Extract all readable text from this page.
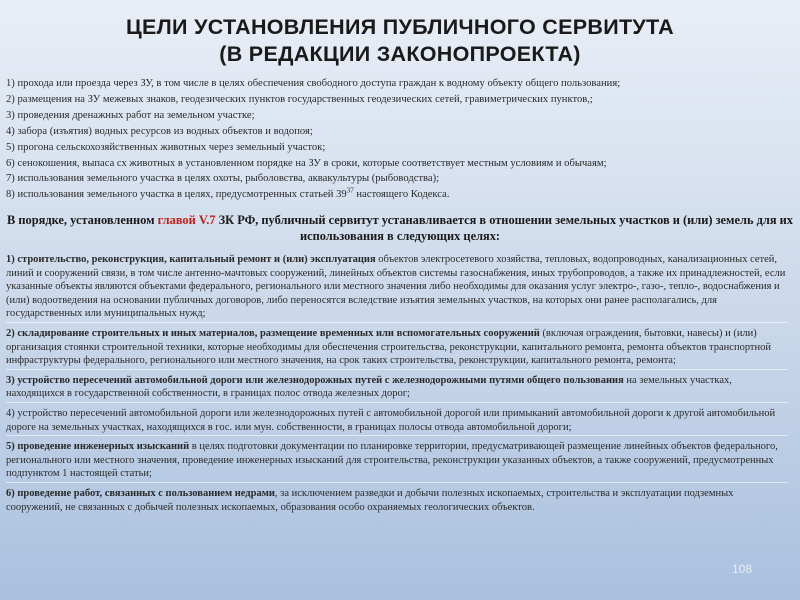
ЦЕЛИ УСТАНОВЛЕНИЯ ПУБЛИЧНОГО СЕРВИТУТА
(В РЕДАКЦИИ ЗАКОНОПРОЕКТА)
1) прохода или проезда через ЗУ, в том числе в целях обеспечения свободного доступа граждан к водному объекту общего пользования;
2) размещения на ЗУ межевых знаков, геодезических пунктов государственных геодезических сетей, гравиметрических пунктов,;
3) проведения дренажных работ на земельном участке;
4) забора (изъятия) водных ресурсов из водных объектов и водопоя;
5) прогона сельскохозяйственных животных через земельный участок;
6) сенокошения, выпаса сх животных в установленном порядке на ЗУ в сроки, которые соответствует местным условиям и обычаям;
7) использования земельного участка в целях охоты, рыболовства, аквакультуры (рыбоводства);
8) использования земельного участка в целях, предусмотренных статьей $39^{37}$ настоящего Кодекса.
В порядке, установленном главой V.7 ЗК РФ, публичный сервитут устанавливается в отношении земельных участков и (или) земель для их использования в следующих целях:
1) строительство, реконструкция, капитальный ремонт и (или) эксплуатация объектов электросетевого хозяйства, тепловых, водопроводных, канализационных сетей, линий и сооружений связи, в том числе антенно-мачтовых сооружений, линейных объектов системы газоснабжения, иных трубопроводов, а также их принадлежностей, если указанные объекты являются объектами федерального, регионального или местного значения либо необходимы для оказания услуг электро-, газо-, тепло-, водоснабжения и (или) водоотведения на основании публичных договоров, либо переносятся вследствие изъятия земельных участков, на которых они ранее располагались, для государственных или муниципальных нужд;
2) складирование строительных и иных материалов, размещение временных или вспомогательных сооружений (включая ограждения, бытовки, навесы) и (или) организация стоянки строительной техники, которые необходимы для обеспечения строительства, реконструкции, капитального ремонта, ремонта объектов транспортной инфраструктуры федерального, регионального или местного значения, на срок таких строительства, реконструкции, капитального ремонта, ремонта;
3) устройство пересечений автомобильной дороги или железнодорожных путей с железнодорожными путями общего пользования на земельных участках, находящихся в государственной собственности, в границах полос отвода железных дорог;
4) устройство пересечений автомобильной дороги или железнодорожных путей с автомобильной дорогой или примыканий автомобильной дороги к другой автомобильной дороге на земельных участках, находящихся в гос. или мун. собственности, в границах полосы отвода автомобильной дороги;
5) проведение инженерных изысканий в целях подготовки документации по планировке территории, предусматривающей размещение линейных объектов федерального, регионального или местного значения, проведение инженерных изысканий для строительства, реконструкции указанных объектов, а также сооружений, предусмотренных подпунктом 1 настоящей статьи;
6) проведение работ, связанных с пользованием недрами, за исключением разведки и добычи полезных ископаемых, строительства и эксплуатации подземных сооружений, не связанных с добычей полезных ископаемых, образования особо охраняемых геологических объектов.
108
